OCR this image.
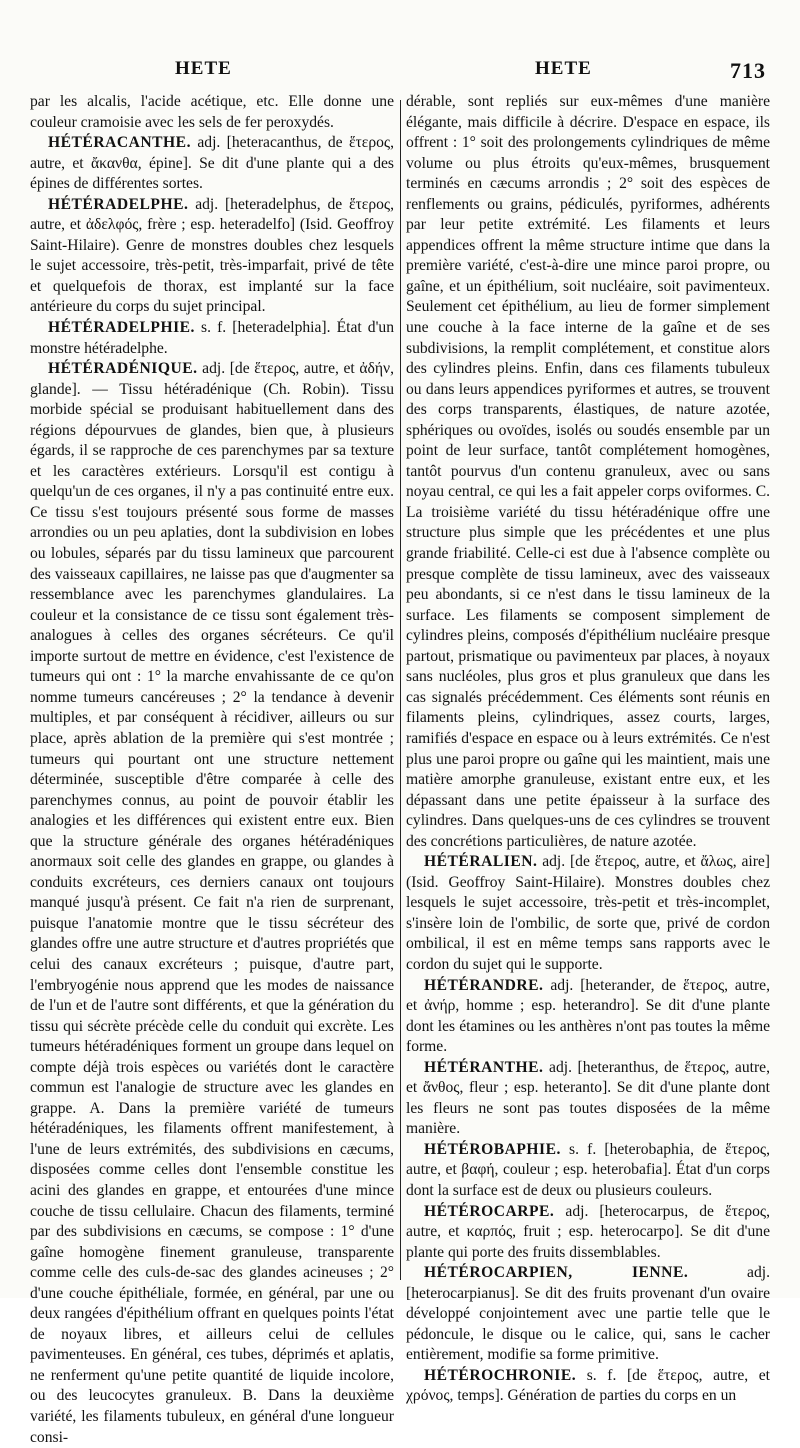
HETE	HETE	713

par les alcalis, l'acide acétique, etc. Elle donne une couleur cramoisie avec les sels de fer peroxydés.

HÉTÉRACANTHE. adj. [heteracanthus, de ἕτερος, autre, et ἄκανθα, épine]. Se dit d'une plante qui a des épines de différentes sortes.

HÉTÉRADELPHE. adj. [heteradelphus, de ἕτερος, autre, et ἀδελφός, frère ; esp. heteradelfo] (Isid. Geoffroy Saint-Hilaire). Genre de monstres doubles chez lesquels le sujet accessoire, très-petit, très-imparfait, privé de tête et quelquefois de thorax, est implanté sur la face antérieure du corps du sujet principal.

HÉTÉRADELPHIE. s. f. [heteradelphia]. État d'un monstre hétéradelphe.

HÉTÉRADÉNIQUE. adj. [de ἕτερος, autre, et ἀδήν, glande]. — Tissu hétéradénique (Ch. Robin). Tissu morbide spécial se produisant habituellement dans des régions dépourvues de glandes, bien que, à plusieurs égards, il se rapproche de ces parenchymes par sa texture et les caractères extérieurs. Lorsqu'il est contigu à quelqu'un de ces organes, il n'y a pas continuité entre eux. Ce tissu s'est toujours présenté sous forme de masses arrondies ou un peu aplaties, dont la subdivision en lobes ou lobules, séparés par du tissu lamineux que parcourent des vaisseaux capillaires, ne laisse pas que d'augmenter sa ressemblance avec les parenchymes glandulaires. La couleur et la consistance de ce tissu sont également très-analogues à celles des organes sécréteurs. Ce qu'il importe surtout de mettre en évidence, c'est l'existence de tumeurs qui ont : 1° la marche envahissante de ce qu'on nomme tumeurs cancéreuses ; 2° la tendance à devenir multiples, et par conséquent à récidiver, ailleurs ou sur place, après ablation de la première qui s'est montrée ; tumeurs qui pourtant ont une structure nettement déterminée, susceptible d'être comparée à celle des parenchymes connus, au point de pouvoir établir les analogies et les différences qui existent entre eux. Bien que la structure générale des organes hétéradéniques anormaux soit celle des glandes en grappe, ou glandes à conduits excréteurs, ces derniers canaux ont toujours manqué jusqu'à présent. Ce fait n'a rien de surprenant, puisque l'anatomie montre que le tissu sécréteur des glandes offre une autre structure et d'autres propriétés que celui des canaux excréteurs ; puisque, d'autre part, l'embryogénie nous apprend que les modes de naissance de l'un et de l'autre sont différents, et que la génération du tissu qui sécrète précède celle du conduit qui excrète. Les tumeurs hétéradéniques forment un groupe dans lequel on compte déjà trois espèces ou variétés dont le caractère commun est l'analogie de structure avec les glandes en grappe. A. Dans la première variété de tumeurs hétéradéniques, les filaments offrent manifestement, à l'une de leurs extrémités, des subdivisions en cæcums, disposées comme celles dont l'ensemble constitue les acini des glandes en grappe, et entourées d'une mince couche de tissu cellulaire. Chacun des filaments, terminé par des subdivisions en cæcums, se compose : 1° d'une gaîne homogène finement granuleuse, transparente comme celle des culs-de-sac des glandes acineuses ; 2° d'une couche épithéliale, formée, en général, par une ou deux rangées d'épithélium offrant en quelques points l'état de noyaux libres, et ailleurs celui de cellules pavimenteuses. En général, ces tubes, déprimés et aplatis, ne renferment qu'une petite quantité de liquide incolore, ou des leucocytes granuleux. B. Dans la deuxième variété, les filaments tubuleux, en général d'une longueur consi-

dérable, sont repliés sur eux-mêmes d'une manière élégante, mais difficile à décrire. D'espace en espace, ils offrent : 1° soit des prolongements cylindriques de même volume ou plus étroits qu'eux-mêmes, brusquement terminés en cæcums arrondis ; 2° soit des espèces de renflements ou grains, pédiculés, pyriformes, adhérents par leur petite extrémité. Les filaments et leurs appendices offrent la même structure intime que dans la première variété, c'est-à-dire une mince paroi propre, ou gaîne, et un épithélium, soit nucléaire, soit pavimenteux. Seulement cet épithélium, au lieu de former simplement une couche à la face interne de la gaîne et de ses subdivisions, la remplit complétement, et constitue alors des cylindres pleins. Enfin, dans ces filaments tubuleux ou dans leurs appendices pyriformes et autres, se trouvent des corps transparents, élastiques, de nature azotée, sphériques ou ovoïdes, isolés ou soudés ensemble par un point de leur surface, tantôt complétement homogènes, tantôt pourvus d'un contenu granuleux, avec ou sans noyau central, ce qui les a fait appeler corps oviformes. C. La troisième variété du tissu hétéradénique offre une structure plus simple que les précédentes et une plus grande friabilité. Celle-ci est due à l'absence complète ou presque complète de tissu lamineux, avec des vaisseaux peu abondants, si ce n'est dans le tissu lamineux de la surface. Les filaments se composent simplement de cylindres pleins, composés d'épithélium nucléaire presque partout, prismatique ou pavimenteux par places, à noyaux sans nucléoles, plus gros et plus granuleux que dans les cas signalés précédemment. Ces éléments sont réunis en filaments pleins, cylindriques, assez courts, larges, ramifiés d'espace en espace ou à leurs extrémités. Ce n'est plus une paroi propre ou gaîne qui les maintient, mais une matière amorphe granuleuse, existant entre eux, et les dépassant dans une petite épaisseur à la surface des cylindres. Dans quelques-uns de ces cylindres se trouvent des concrétions particulières, de nature azotée.

HÉTÉRALIEN. adj. [de ἕτερος, autre, et ἄλως, aire] (Isid. Geoffroy Saint-Hilaire). Monstres doubles chez lesquels le sujet accessoire, très-petit et très-incomplet, s'insère loin de l'ombilic, de sorte que, privé de cordon ombilical, il est en même temps sans rapports avec le cordon du sujet qui le supporte.

HÉTÉRANDRE. adj. [heterander, de ἕτερος, autre, et ἀνήρ, homme ; esp. heterandro]. Se dit d'une plante dont les étamines ou les anthères n'ont pas toutes la même forme.

HÉTÉRANTHE. adj. [heteranthus, de ἕτερος, autre, et ἄνθος, fleur ; esp. heteranto]. Se dit d'une plante dont les fleurs ne sont pas toutes disposées de la même manière.

HÉTÉROBAPHIE. s. f. [heterobaphia, de ἕτερος, autre, et βαφή, couleur ; esp. heterobafia]. État d'un corps dont la surface est de deux ou plusieurs couleurs.

HÉTÉROCARPE. adj. [heterocarpus, de ἕτερος, autre, et καρπός, fruit ; esp. heterocarpo]. Se dit d'une plante qui porte des fruits dissemblables.

HÉTÉROCARPIEN, IENNE. adj. [heterocarpianus]. Se dit des fruits provenant d'un ovaire développé conjointement avec une partie telle que le pédoncule, le disque ou le calice, qui, sans le cacher entièrement, modifie sa forme primitive.

HÉTÉROCHRONIE. s. f. [de ἕτερος, autre, et χρόνος, temps]. Génération de parties du corps en un
